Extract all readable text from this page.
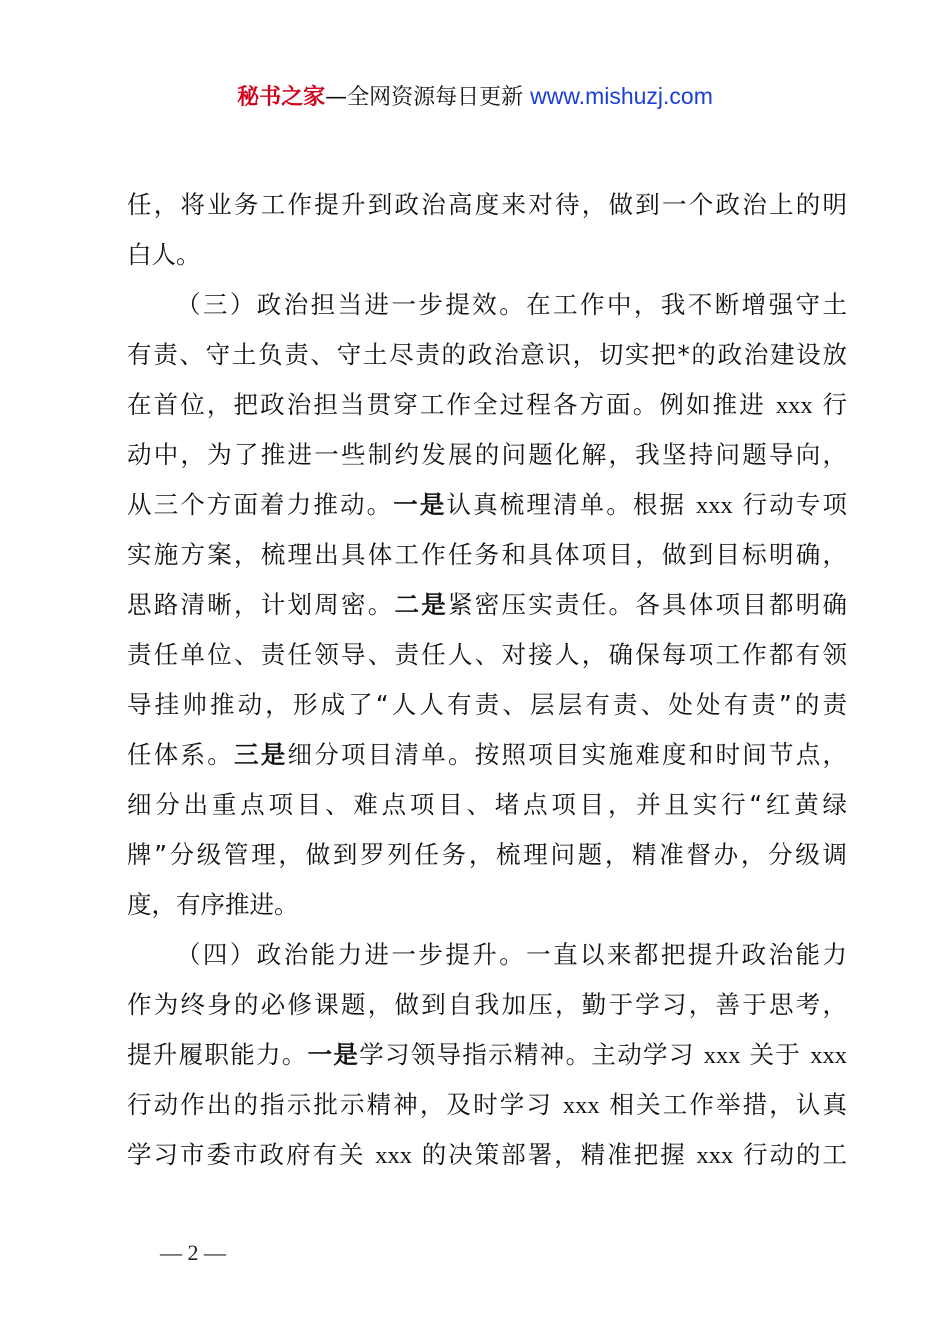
秘书之家—全网资源每日更新 www.mishuzj.com

任，将业务工作提升到政治高度来对待，做到一个政治上的明

白人。

（三）政治担当进一步提效。在工作中，我不断增强守土

有责、守土负责、守土尽责的政治意识，切实把*的政治建设放

在首位，把政治担当贯穿工作全过程各方面。例如推进 xxx 行

动中，为了推进一些制约发展的问题化解，我坚持问题导向，

从三个方面着力推动。一是认真梳理清单。根据 xxx 行动专项

实施方案，梳理出具体工作任务和具体项目，做到目标明确，

思路清晰，计划周密。二是紧密压实责任。各具体项目都明确

责任单位、责任领导、责任人、对接人，确保每项工作都有领

导挂帅推动，形成了“人人有责、层层有责、处处有责”的责

任体系。三是细分项目清单。按照项目实施难度和时间节点，

细分出重点项目、难点项目、堵点项目，并且实行“红黄绿

牌”分级管理，做到罗列任务，梳理问题，精准督办，分级调

度，有序推进。

（四）政治能力进一步提升。一直以来都把提升政治能力

作为终身的必修课题，做到自我加压，勤于学习，善于思考，

提升履职能力。一是学习领导指示精神。主动学习 xxx 关于 xxx

行动作出的指示批示精神，及时学习 xxx 相关工作举措，认真

学习市委市政府有关 xxx 的决策部署，精准把握 xxx 行动的工

— 2 —
